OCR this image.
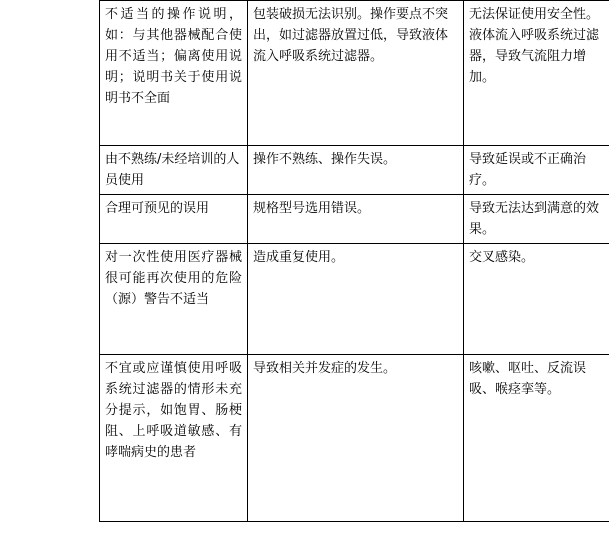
不适当的操作说明，如：与其他器械配合使用不适当；偏离使用说明；说明书关于使用说明书不全面	包装破损无法识别。操作要点不突出，如过滤器放置过低，导致液体流入呼吸系统过滤器。	无法保证使用安全性。液体流入呼吸系统过滤器，导致气流阻力增加。

由不熟练/未经培训的人员使用	操作不熟练、操作失误。	导致延误或不正确治疗。

合理可预见的误用	规格型号选用错误。	导致无法达到满意的效果。

对一次性使用医疗器械很可能再次使用的危险（源）警告不适当	造成重复使用。	交叉感染。

不宜或应谨慎使用呼吸系统过滤器的情形未充分提示，如饱胃、肠梗阻、上呼吸道敏感、有哮喘病史的患者	导致相关并发症的发生。	咳嗽、呕吐、反流误吸、喉痉挛等。
